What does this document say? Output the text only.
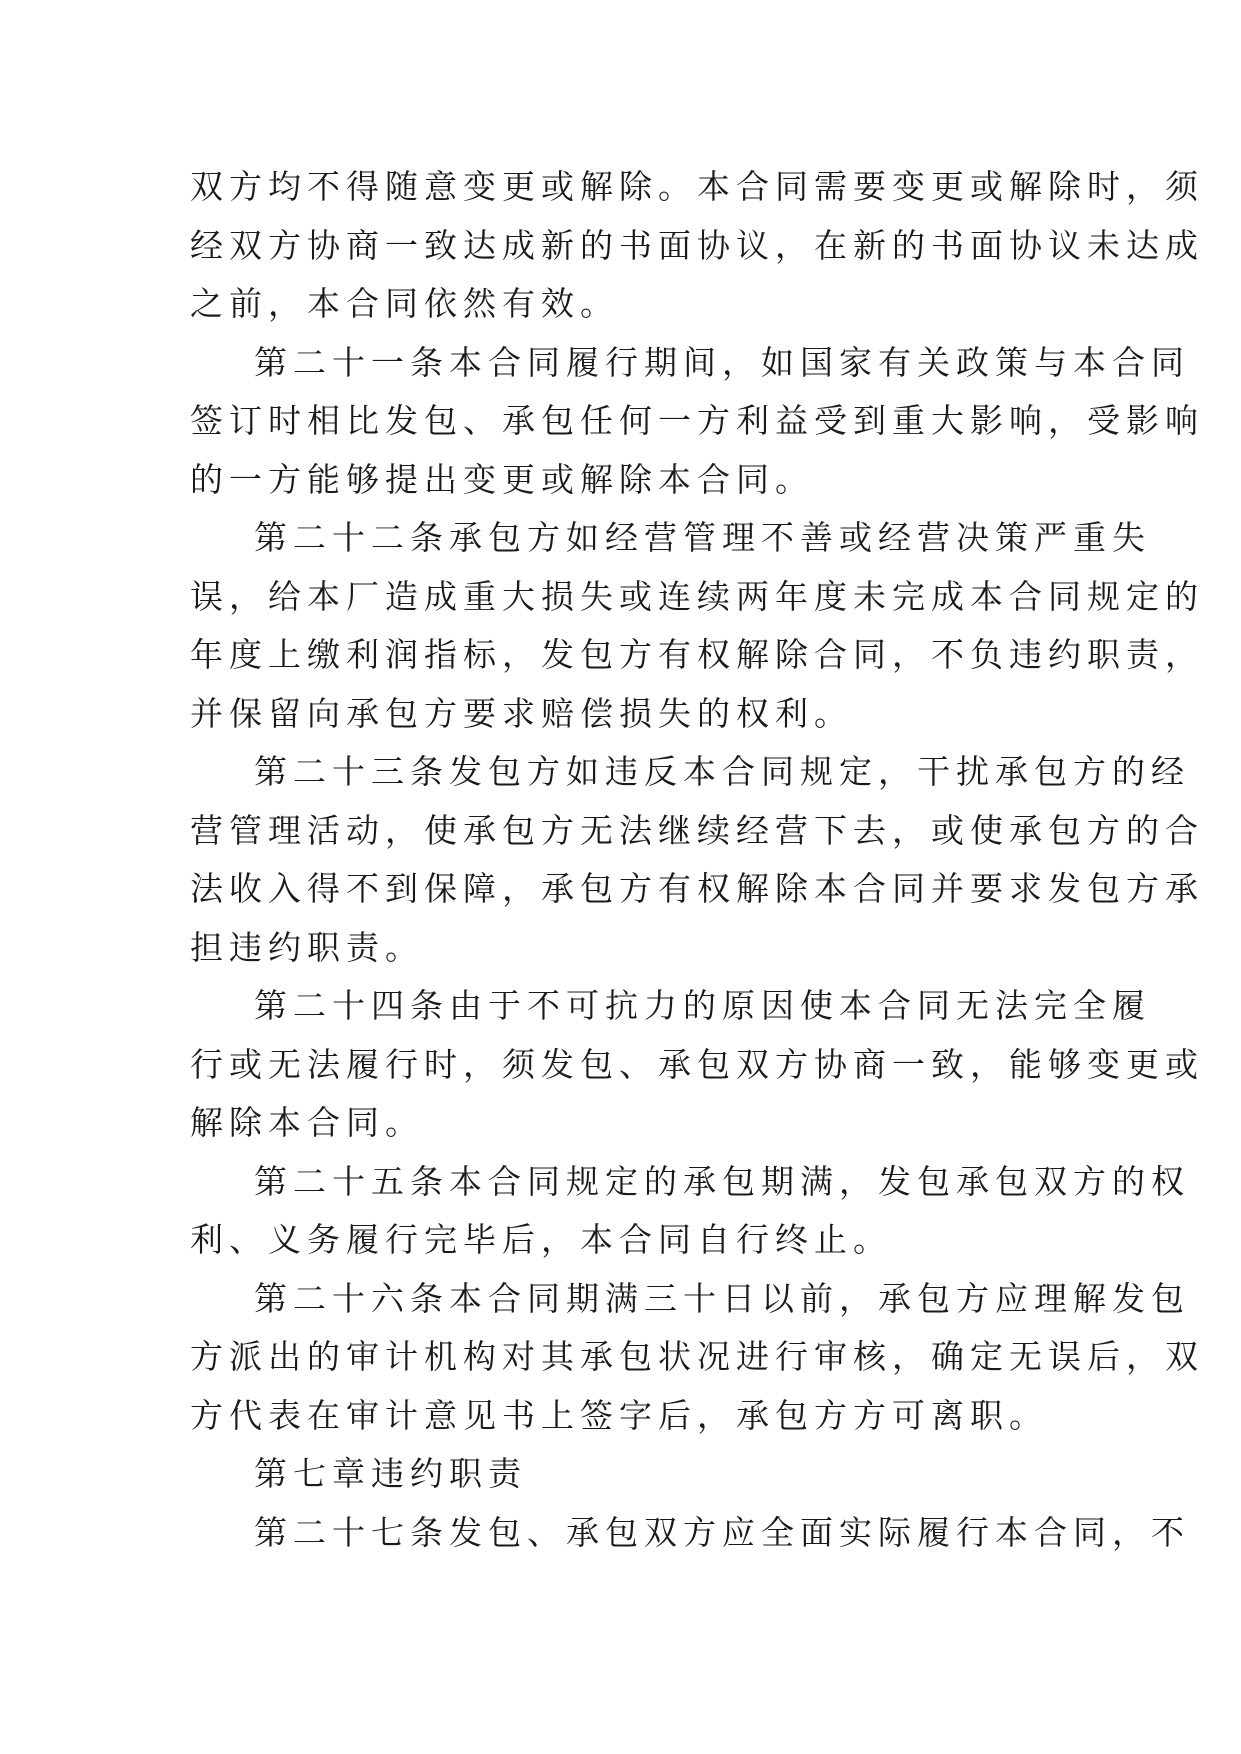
双方均不得随意变更或解除。本合同需要变更或解除时，须
经双方协商一致达成新的书面协议，在新的书面协议未达成
之前，本合同依然有效。
第二十一条本合同履行期间，如国家有关政策与本合同
签订时相比发包、承包任何一方利益受到重大影响，受影响
的一方能够提出变更或解除本合同。
第二十二条承包方如经营管理不善或经营决策严重失
误，给本厂造成重大损失或连续两年度未完成本合同规定的
年度上缴利润指标，发包方有权解除合同，不负违约职责，
并保留向承包方要求赔偿损失的权利。
第二十三条发包方如违反本合同规定，干扰承包方的经
营管理活动，使承包方无法继续经营下去，或使承包方的合
法收入得不到保障，承包方有权解除本合同并要求发包方承
担违约职责。
第二十四条由于不可抗力的原因使本合同无法完全履
行或无法履行时，须发包、承包双方协商一致，能够变更或
解除本合同。
第二十五条本合同规定的承包期满，发包承包双方的权
利、义务履行完毕后，本合同自行终止。
第二十六条本合同期满三十日以前，承包方应理解发包
方派出的审计机构对其承包状况进行审核，确定无误后，双
方代表在审计意见书上签字后，承包方方可离职。
第七章违约职责
第二十七条发包、承包双方应全面实际履行本合同，不
